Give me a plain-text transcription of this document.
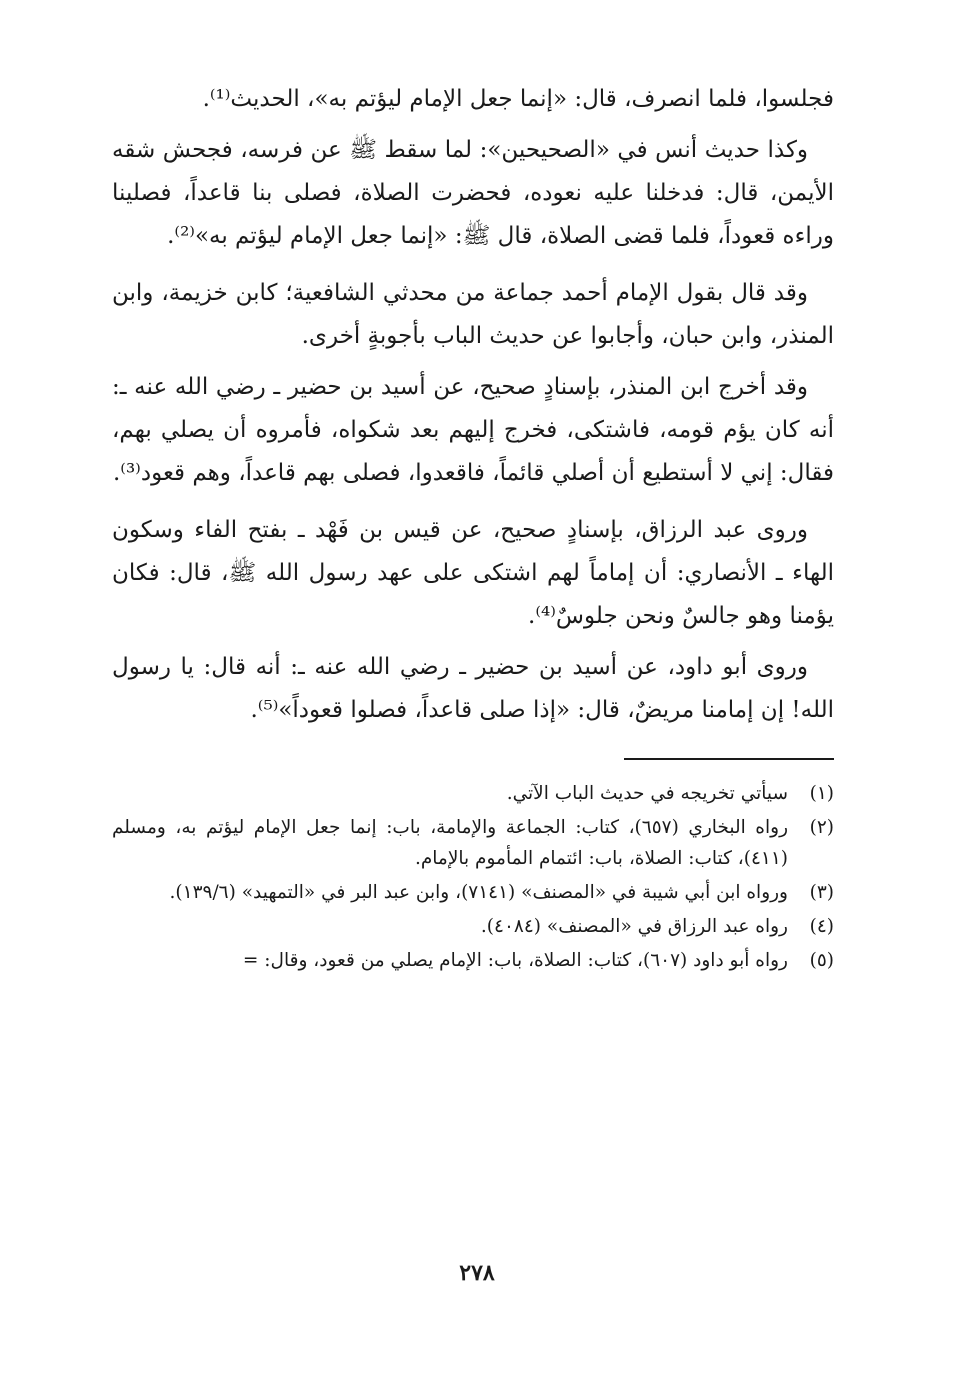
فجلسوا، فلما انصرف، قال: «إنما جعل الإمام ليؤتم به»، الحديث⁽¹⁾.

وكذا حديث أنس في «الصحيحين»: لما سقط ﷺ عن فرسه، فجحش شقه الأيمن، قال: فدخلنا عليه نعوده، فحضرت الصلاة، فصلى بنا قاعداً، فصلينا وراءه قعوداً، فلما قضى الصلاة، قال ﷺ: «إنما جعل الإمام ليؤتم به»⁽²⁾.

وقد قال بقول الإمام أحمد جماعة من محدثي الشافعية؛ كابن خزيمة، وابن المنذر، وابن حبان، وأجابوا عن حديث الباب بأجوبةٍ أخرى.

وقد أخرج ابن المنذر، بإسنادٍ صحيح، عن أسيد بن حضير ـ رضي الله عنه ـ: أنه كان يؤم قومه، فاشتكى، فخرج إليهم بعد شكواه، فأمروه أن يصلي بهم، فقال: إني لا أستطيع أن أصلي قائماً، فاقعدوا، فصلى بهم قاعداً، وهم قعود⁽³⁾.

وروى عبد الرزاق، بإسنادٍ صحيح، عن قيس بن فَهْد ـ بفتح الفاء وسكون الهاء ـ الأنصاري: أن إماماً لهم اشتكى على عهد رسول الله ﷺ، قال: فكان يؤمنا وهو جالسٌ ونحن جلوسٌ⁽⁴⁾.

وروى أبو داود، عن أسيد بن حضير ـ رضي الله عنه ـ: أنه قال: يا رسول الله! إن إمامنا مريضٌ، قال: «إذا صلى قاعداً، فصلوا قعوداً»⁽⁵⁾.

(١)
سيأتي تخريجه في حديث الباب الآتي.
(٢)
رواه البخاري (٦٥٧)، كتاب: الجماعة والإمامة، باب: إنما جعل الإمام ليؤتم به، ومسلم (٤١١)، كتاب: الصلاة، باب: ائتمام المأموم بالإمام.
(٣)
ورواه ابن أبي شيبة في «المصنف» (٧١٤١)، وابن عبد البر في «التمهيد» (١٣٩/٦).
(٤)
رواه عبد الرزاق في «المصنف» (٤٠٨٤).
(٥)
رواه أبو داود (٦٠٧)، كتاب: الصلاة، باب: الإمام يصلي من قعود، وقال: =
٢٧٨
